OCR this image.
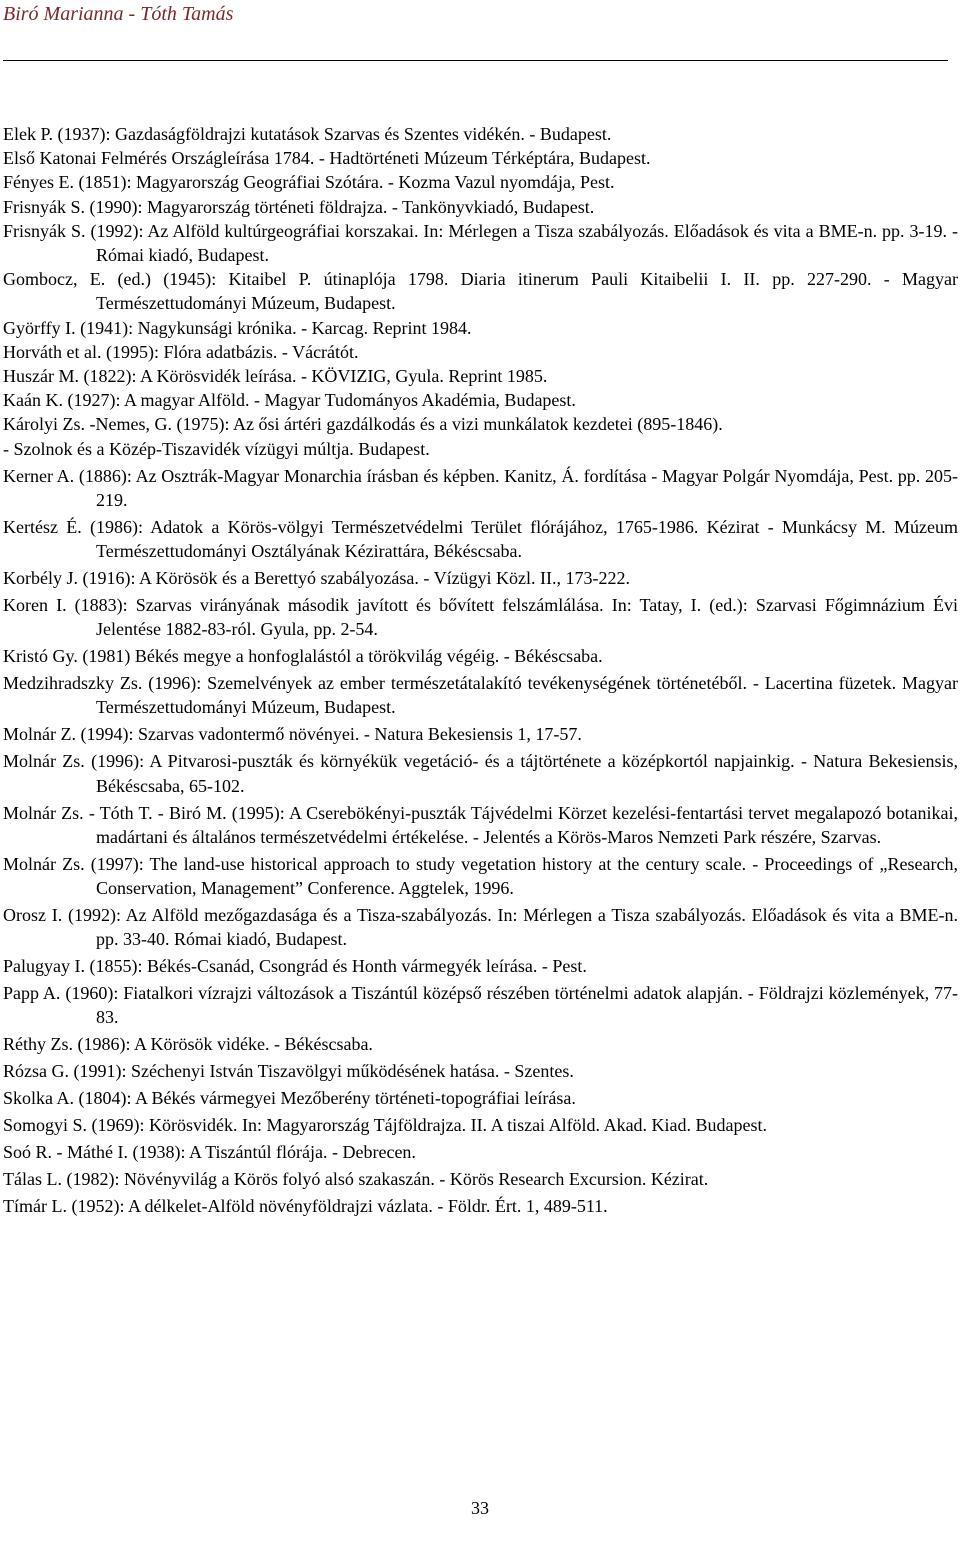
Biró Marianna - Tóth Tamás
Elek P. (1937): Gazdaságföldrajzi kutatások Szarvas és Szentes vidékén. - Budapest.
Első Katonai Felmérés Országleírása 1784. - Hadtörténeti Múzeum Térképtára, Budapest.
Fényes E. (1851): Magyarország Geográfiai Szótára. - Kozma Vazul nyomdája, Pest.
Frisnyák S. (1990): Magyarország történeti földrajza. - Tankönyvkiadó, Budapest.
Frisnyák S. (1992): Az Alföld kultúrgeográfiai korszakai. In: Mérlegen a Tisza szabályozás. Előadások és vita a BME-n. pp. 3-19. - Római kiadó, Budapest.
Gombocz, E. (ed.) (1945): Kitaibel P. útinaplója 1798. Diaria itinerum Pauli Kitaibelii I. II. pp. 227-290. - Magyar Természettudományi Múzeum, Budapest.
Györffy I. (1941): Nagykunsági krónika. - Karcag. Reprint 1984.
Horváth et al. (1995): Flóra adatbázis. - Vácrátót.
Huszár M. (1822): A Körösvidék leírása. - KÖVIZIG, Gyula. Reprint 1985.
Kaán K. (1927): A magyar Alföld. - Magyar Tudományos Akadémia, Budapest.
Károlyi Zs. -Nemes, G. (1975): Az ősi ártéri gazdálkodás és a vizi munkálatok kezdetei (895-1846).
- Szolnok és a Közép-Tiszavidék vízügyi múltja. Budapest.
Kerner A. (1886): Az Osztrák-Magyar Monarchia írásban és képben. Kanitz, Á. fordítása - Magyar Polgár Nyomdája, Pest. pp. 205-219.
Kertész É. (1986): Adatok a Körös-völgyi Természetvédelmi Terület flórájához, 1765-1986. Kézirat - Munkácsy M. Múzeum Természettudományi Osztályának Kézirattára, Békéscsaba.
Korbély J. (1916): A Körösök és a Berettyó szabályozása. - Vízügyi Közl. II., 173-222.
Koren I. (1883): Szarvas virányának második javított és bővített felszámlálása. In: Tatay, I. (ed.): Szarvasi Főgimnázium Évi Jelentése 1882-83-ról. Gyula, pp. 2-54.
Kristó Gy. (1981) Békés megye a honfoglalástól a törökvilág végéig. - Békéscsaba.
Medzihradszky Zs. (1996): Szemelvények az ember természetátalakító tevékenységének történetéből. - Lacertina füzetek. Magyar Természettudományi Múzeum, Budapest.
Molnár Z. (1994): Szarvas vadontermő növényei. - Natura Bekesiensis 1, 17-57.
Molnár Zs. (1996): A Pitvarosi-puszták és környékük vegetáció- és a tájtörténete a középkortól napjainkig. - Natura Bekesiensis, Békéscsaba, 65-102.
Molnár Zs. - Tóth T. - Biró M. (1995): A Cserebökényi-puszták Tájvédelmi Körzet kezelési-fentartási tervet megalapozó botanikai, madártani és általános természetvédelmi értékelése. - Jelentés a Körös-Maros Nemzeti Park részére, Szarvas.
Molnár Zs. (1997): The land-use historical approach to study vegetation history at the century scale. - Proceedings of „Research, Conservation, Management” Conference. Aggtelek, 1996.
Orosz I. (1992): Az Alföld mezőgazdasága és a Tisza-szabályozás. In: Mérlegen a Tisza szabályozás. Előadások és vita a BME-n. pp. 33-40. Római kiadó, Budapest.
Palugyay I. (1855): Békés-Csanád, Csongrád és Honth vármegyék leírása. - Pest.
Papp A. (1960): Fiatalkori vízrajzi változások a Tiszántúl középső részében történelmi adatok alapján. - Földrajzi közlemények, 77-83.
Réthy Zs. (1986): A Körösök vidéke. - Békéscsaba.
Rózsa G. (1991): Széchenyi István Tiszavölgyi működésének hatása. - Szentes.
Skolka A. (1804): A Békés vármegyei Mezőberény történeti-topográfiai leírása.
Somogyi S. (1969): Körösvidék. In: Magyarország Tájföldrajza. II. A tiszai Alföld. Akad. Kiad. Budapest.
Soó R. - Máthé I. (1938): A Tiszántúl flórája. - Debrecen.
Tálas L. (1982): Növényvilág a Körös folyó alsó szakaszán. - Körös Research Excursion. Kézirat.
Tímár L. (1952): A délkelet-Alföld növényföldrajzi vázlata. - Földr. Ért. 1, 489-511.
33
